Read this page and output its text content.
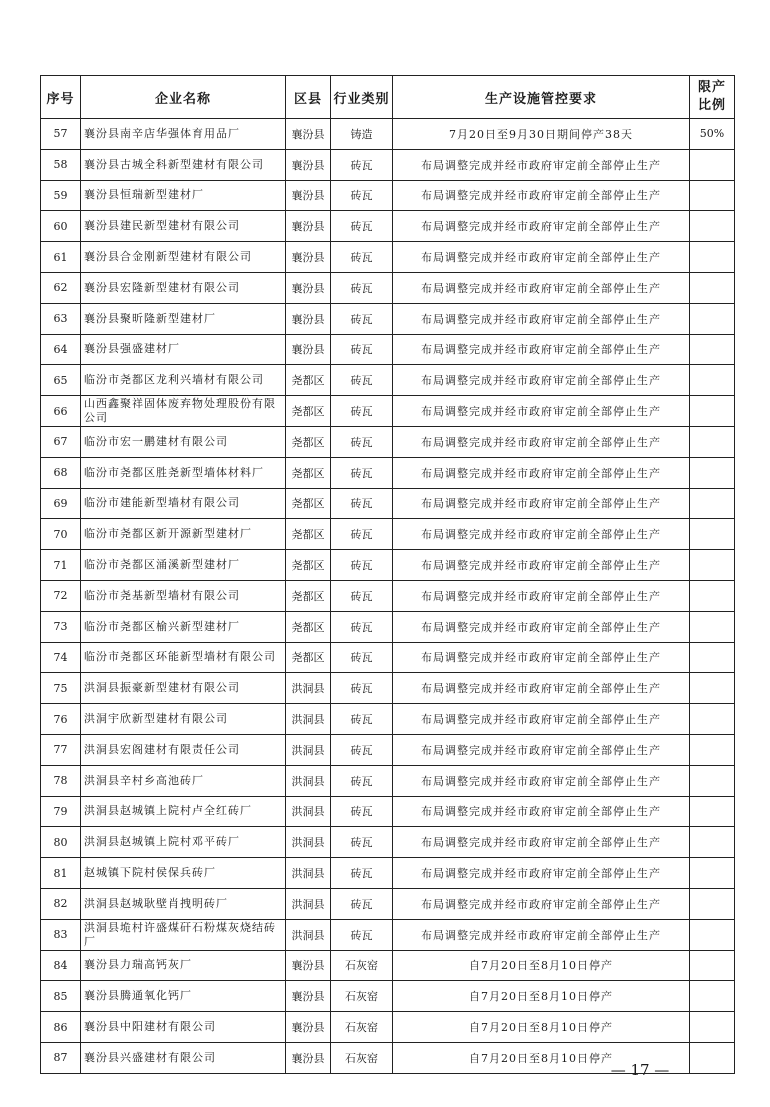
序号	企业名称	区县	行业类别	生产设施管控要求	限产
比例

57	襄汾县南辛店华强体育用品厂	襄汾县	铸造	7月20日至9月30日期间停产38天	50%
58	襄汾县古城全科新型建材有限公司	襄汾县	砖瓦	布局调整完成并经市政府审定前全部停止生产	
59	襄汾县恒瑞新型建材厂	襄汾县	砖瓦	布局调整完成并经市政府审定前全部停止生产	
60	襄汾县建民新型建材有限公司	襄汾县	砖瓦	布局调整完成并经市政府审定前全部停止生产	
61	襄汾县合金刚新型建材有限公司	襄汾县	砖瓦	布局调整完成并经市政府审定前全部停止生产	
62	襄汾县宏隆新型建材有限公司	襄汾县	砖瓦	布局调整完成并经市政府审定前全部停止生产	
63	襄汾县聚昕隆新型建材厂	襄汾县	砖瓦	布局调整完成并经市政府审定前全部停止生产	
64	襄汾县强盛建材厂	襄汾县	砖瓦	布局调整完成并经市政府审定前全部停止生产	
65	临汾市尧都区龙利兴墙材有限公司	尧都区	砖瓦	布局调整完成并经市政府审定前全部停止生产	
66	山西鑫聚祥固体废弃物处理股份有限公司	尧都区	砖瓦	布局调整完成并经市政府审定前全部停止生产	
67	临汾市宏一鹏建材有限公司	尧都区	砖瓦	布局调整完成并经市政府审定前全部停止生产	
68	临汾市尧都区胜尧新型墙体材料厂	尧都区	砖瓦	布局调整完成并经市政府审定前全部停止生产	
69	临汾市建能新型墙材有限公司	尧都区	砖瓦	布局调整完成并经市政府审定前全部停止生产	
70	临汾市尧都区新开源新型建材厂	尧都区	砖瓦	布局调整完成并经市政府审定前全部停止生产	
71	临汾市尧都区涌溪新型建材厂	尧都区	砖瓦	布局调整完成并经市政府审定前全部停止生产	
72	临汾市尧基新型墙材有限公司	尧都区	砖瓦	布局调整完成并经市政府审定前全部停止生产	
73	临汾市尧都区榆兴新型建材厂	尧都区	砖瓦	布局调整完成并经市政府审定前全部停止生产	
74	临汾市尧都区环能新型墙材有限公司	尧都区	砖瓦	布局调整完成并经市政府审定前全部停止生产	
75	洪洞县振豪新型建材有限公司	洪洞县	砖瓦	布局调整完成并经市政府审定前全部停止生产	
76	洪洞宇欣新型建材有限公司	洪洞县	砖瓦	布局调整完成并经市政府审定前全部停止生产	
77	洪洞县宏阁建材有限责任公司	洪洞县	砖瓦	布局调整完成并经市政府审定前全部停止生产	
78	洪洞县辛村乡高池砖厂	洪洞县	砖瓦	布局调整完成并经市政府审定前全部停止生产	
79	洪洞县赵城镇上院村卢全红砖厂	洪洞县	砖瓦	布局调整完成并经市政府审定前全部停止生产	
80	洪洞县赵城镇上院村邓平砖厂	洪洞县	砖瓦	布局调整完成并经市政府审定前全部停止生产	
81	赵城镇下院村侯保兵砖厂	洪洞县	砖瓦	布局调整完成并经市政府审定前全部停止生产	
82	洪洞县赵城耿壁肖拽明砖厂	洪洞县	砖瓦	布局调整完成并经市政府审定前全部停止生产	
83	洪洞县垝村许盛煤矸石粉煤灰烧结砖厂	洪洞县	砖瓦	布局调整完成并经市政府审定前全部停止生产	
84	襄汾县力瑞高钙灰厂	襄汾县	石灰窑	自7月20日至8月10日停产	
85	襄汾县腾通氧化钙厂	襄汾县	石灰窑	自7月20日至8月10日停产	
86	襄汾县中阳建材有限公司	襄汾县	石灰窑	自7月20日至8月10日停产	
87	襄汾县兴盛建材有限公司	襄汾县	石灰窑	自7月20日至8月10日停产	
— 17 —
